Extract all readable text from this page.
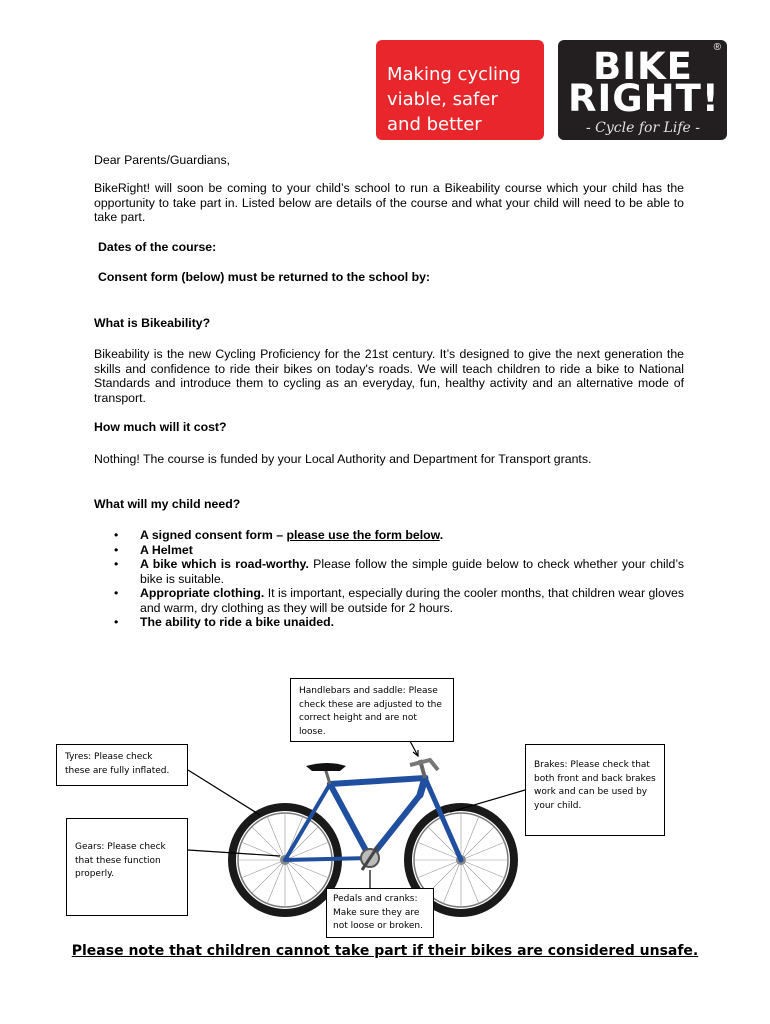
Making cycling
viable, safer
and better
BIKE
RIGHT!
- Cycle for Life -
®

Dear Parents/Guardians,

BikeRight! will soon be coming to your child’s school to run a Bikeability course which your child has the opportunity to take part in. Listed below are details of the course and what your child will need to be able to take part.

Dates of the course:

Consent form (below) must be returned to the school by:

What is Bikeability?

Bikeability is the new Cycling Proficiency for the 21st century. It’s designed to give the next generation the skills and confidence to ride their bikes on today's roads. We will teach children to ride a bike to National Standards and introduce them to cycling as an everyday, fun, healthy activity and an alternative mode of transport.

How much will it cost?

Nothing! The course is funded by your Local Authority and Department for Transport grants.

What will my child need?

• A signed consent form – please use the form below.
• A Helmet
• A bike which is road-worthy. Please follow the simple guide below to check whether your child’s bike is suitable.
• Appropriate clothing. It is important, especially during the cooler months, that children wear gloves and warm, dry clothing as they will be outside for 2 hours.
• The ability to ride a bike unaided.
Handlebars and saddle: Please check these are adjusted to the correct height and are not loose.
Tyres: Please check these are fully inflated.
Brakes: Please check that both front and back brakes work and can be used by your child.
Gears: Please check that these function properly.
Pedals and cranks: Make sure they are not loose or broken.
Please note that children cannot take part if their bikes are considered unsafe.
